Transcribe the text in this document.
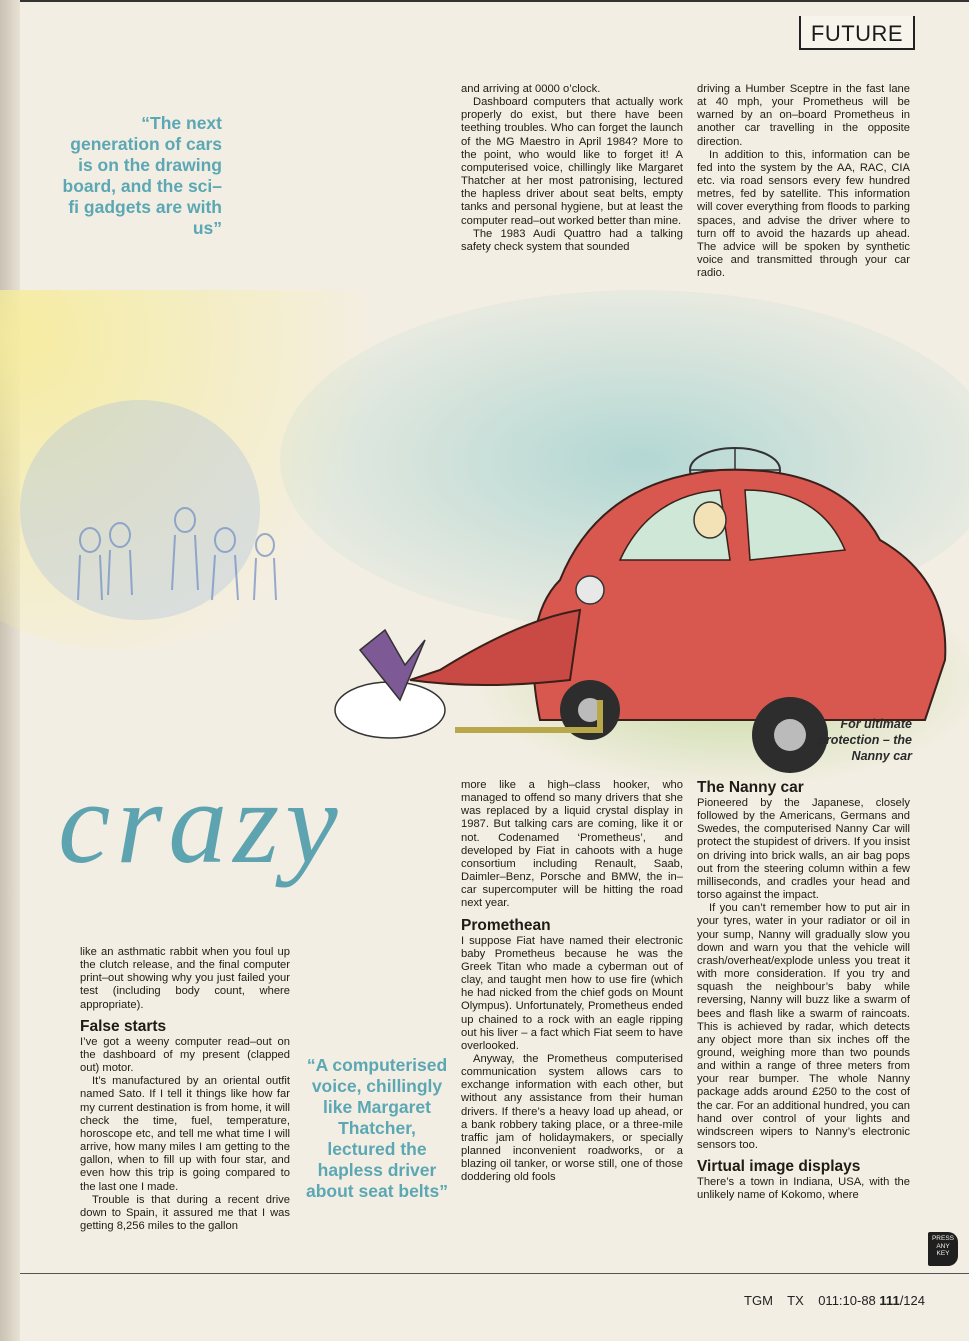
FUTURE
“The next generation of cars is on the drawing board, and the sci–fi gadgets are with us”

and arriving at 0000 o’clock.

Dashboard computers that actually work properly do exist, but there have been teething troubles. Who can forget the launch of the MG Maestro in April 1984? More to the point, who would like to forget it! A computerised voice, chillingly like Margaret Thatcher at her most patronising, lectured the hapless driver about seat belts, empty tanks and personal hygiene, but at least the computer read–out worked better than mine.

The 1983 Audi Quattro had a talking safety check system that sounded

driving a Humber Sceptre in the fast lane at 40 mph, your Prometheus will be warned by an on–board Prometheus in another car travelling in the opposite direction.

In addition to this, information can be fed into the system by the AA, RAC, CIA etc. via road sensors every few hundred metres, fed by satellite. This information will cover everything from floods to parking spaces, and advise the driver where to turn off to avoid the hazards up ahead. The advice will be spoken by synthetic voice and transmitted through your car radio.

For ultimate protection – the Nanny car
crazy

like an asthmatic rabbit when you foul up the clutch release, and the final computer print–out showing why you just failed your test (including body count, where appropriate).

False starts

I’ve got a weeny computer read–out on the dashboard of my present (clapped out) motor.

It’s manufactured by an oriental outfit named Sato. If I tell it things like how far my current destination is from home, it will check the time, fuel, temperature, horoscope etc, and tell me what time I will arrive, how many miles I am getting to the gallon, when to fill up with four star, and even how this trip is going compared to the last one I made.

Trouble is that during a recent drive down to Spain, it assured me that I was getting 8,256 miles to the gallon

“A computerised voice, chillingly like Margaret Thatcher, lectured the hapless driver about seat belts”

more like a high–class hooker, who managed to offend so many drivers that she was replaced by a liquid crystal display in 1987. But talking cars are coming, like it or not. Codenamed ‘Prometheus’, and developed by Fiat in cahoots with a huge consortium including Renault, Saab, Daimler–Benz, Porsche and BMW, the in–car supercomputer will be hitting the road next year.

Promethean

I suppose Fiat have named their electronic baby Prometheus because he was the Greek Titan who made a cyberman out of clay, and taught men how to use fire (which he had nicked from the chief gods on Mount Olympus). Unfortunately, Prometheus ended up chained to a rock with an eagle ripping out his liver – a fact which Fiat seem to have overlooked.

Anyway, the Prometheus computerised communication system allows cars to exchange information with each other, but without any assistance from their human drivers. If there’s a heavy load up ahead, or a bank robbery taking place, or a three-mile traffic jam of holidaymakers, or specially planned inconvenient roadworks, or a blazing oil tanker, or worse still, one of those doddering old fools

The Nanny car

Pioneered by the Japanese, closely followed by the Americans, Germans and Swedes, the computerised Nanny Car will protect the stupidest of drivers. If you insist on driving into brick walls, an air bag pops out from the steering column within a few milliseconds, and cradles your head and torso against the impact.

If you can’t remember how to put air in your tyres, water in your radiator or oil in your sump, Nanny will gradually slow you down and warn you that the vehicle will crash/overheat/explode unless you treat it with more consideration. If you try and squash the neighbour’s baby while reversing, Nanny will buzz like a swarm of bees and flash like a swarm of raincoats. This is achieved by radar, which detects any object more than six inches off the ground, weighing more than two pounds and within a range of three meters from your rear bumper. The whole Nanny package adds around £250 to the cost of the car. For an additional hundred, you can hand over control of your lights and windscreen wipers to Nanny’s electronic sensors too.

Virtual image displays

There’s a town in Indiana, USA, with the unlikely name of Kokomo, where

PRESS
ANY
KEY
TGM TX 011:10-88 111/124
